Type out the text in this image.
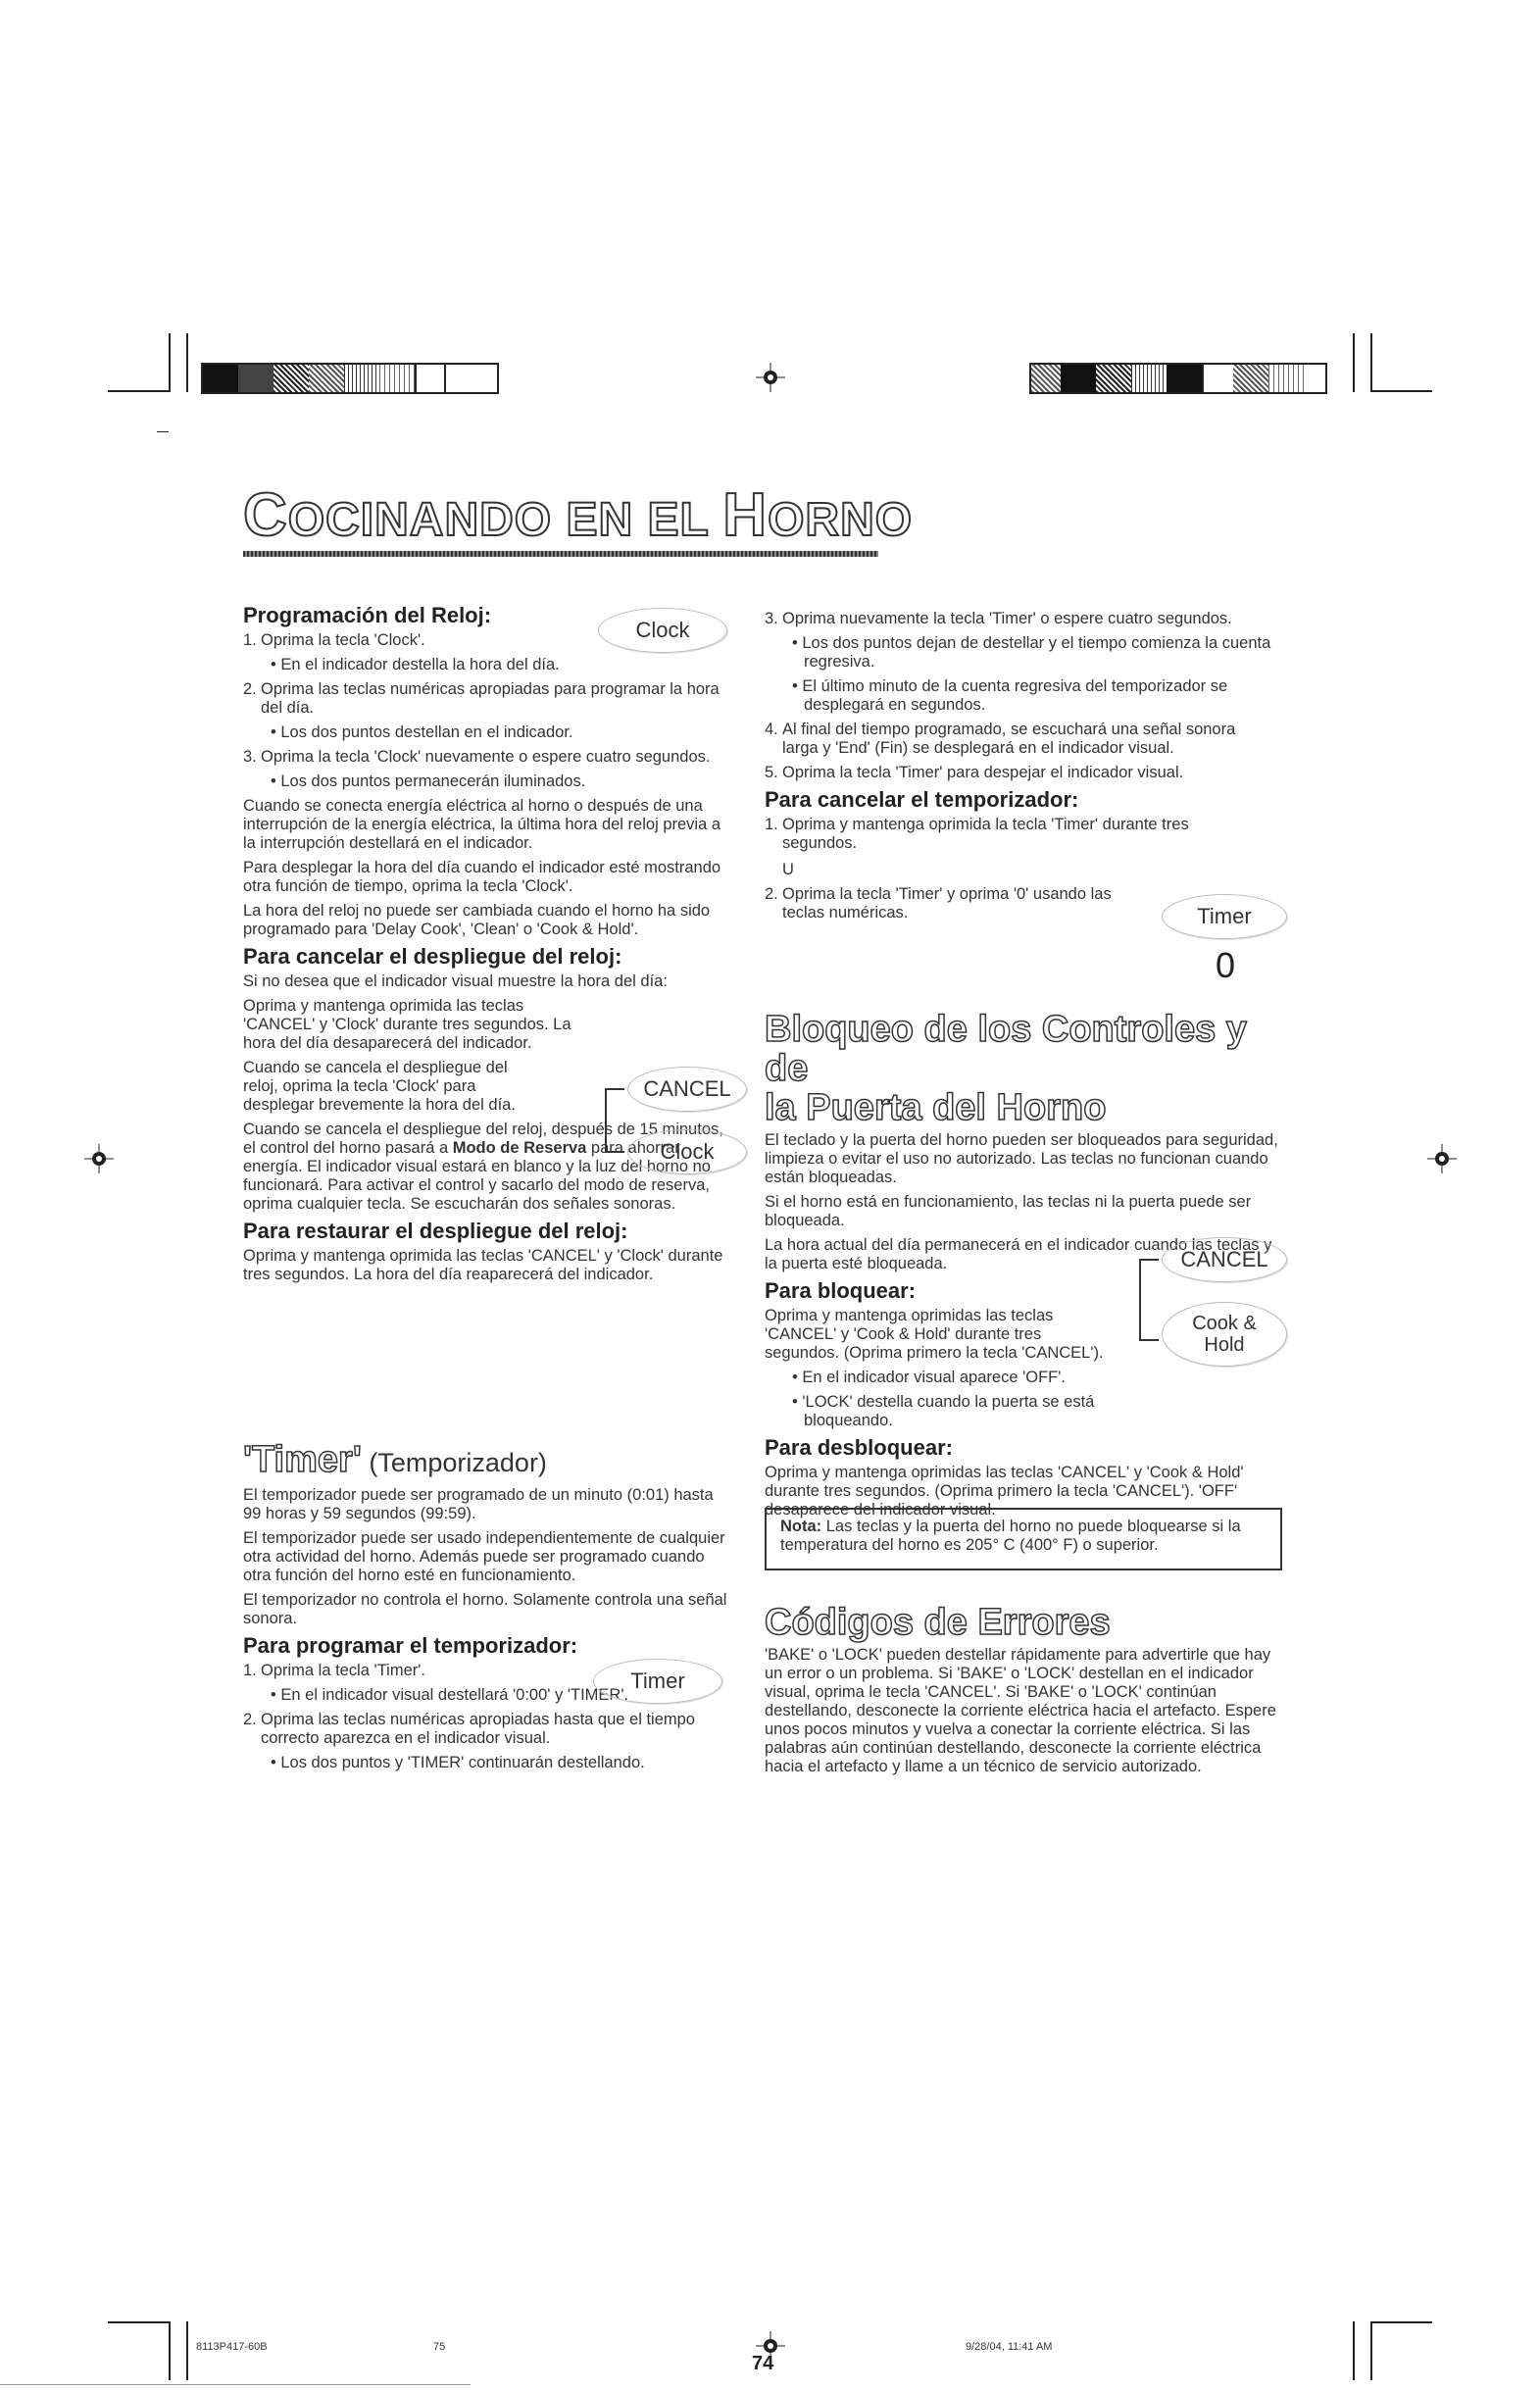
COCINANDO EN EL HORNO
Programación del Reloj:

1. Oprima la tecla 'Clock'.

• En el indicador destella la hora del día.

2. Oprima las teclas numéricas apropiadas para programar la hora del día.

• Los dos puntos destellan en el indicador.

3. Oprima la tecla 'Clock' nuevamente o espere cuatro segundos.

• Los dos puntos permanecerán iluminados.

Cuando se conecta energía eléctrica al horno o después de una interrupción de la energía eléctrica, la última hora del reloj previa a la interrupción destellará en el indicador.

Para desplegar la hora del día cuando el indicador esté mostrando otra función de tiempo, oprima la tecla 'Clock'.

La hora del reloj no puede ser cambiada cuando el horno ha sido programado para 'Delay Cook', 'Clean' o 'Cook & Hold'.

Para cancelar el despliegue del reloj:

Si no desea que el indicador visual muestre la hora del día:

Oprima y mantenga oprimida las teclas 'CANCEL' y 'Clock' durante tres segundos. La hora del día desaparecerá del indicador.

Cuando se cancela el despliegue del reloj, oprima la tecla 'Clock' para desplegar brevemente la hora del día.

Cuando se cancela el despliegue del reloj, después de 15 minutos, el control del horno pasará a Modo de Reserva para ahorrar energía. El indicador visual estará en blanco y la luz del horno no funcionará. Para activar el control y sacarlo del modo de reserva, oprima cualquier tecla. Se escucharán dos señales sonoras.

Para restaurar el despliegue del reloj:

Oprima y mantenga oprimida las teclas 'CANCEL' y 'Clock' durante tres segundos. La hora del día reaparecerá del indicador.

'Timer' (Temporizador)

El temporizador puede ser programado de un minuto (0:01) hasta 99 horas y 59 segundos (99:59).

El temporizador puede ser usado independientemente de cualquier otra actividad del horno. Además puede ser programado cuando otra función del horno esté en funcionamiento.

El temporizador no controla el horno. Solamente controla una señal sonora.

Para programar el temporizador:

1. Oprima la tecla 'Timer'.

• En el indicador visual destellará '0:00' y 'TIMER'.

2. Oprima las teclas numéricas apropiadas hasta que el tiempo correcto aparezca en el indicador visual.

• Los dos puntos y 'TIMER' continuarán destellando.

Clock
CANCEL
Clock
Timer

3. Oprima nuevamente la tecla 'Timer' o espere cuatro segundos.

• Los dos puntos dejan de destellar y el tiempo comienza la cuenta regresiva.

• El último minuto de la cuenta regresiva del temporizador se desplegará en segundos.

4. Al final del tiempo programado, se escuchará una señal sonora larga y 'End' (Fin) se desplegará en el indicador visual.

5. Oprima la tecla 'Timer' para despejar el indicador visual.

Para cancelar el temporizador:

1. Oprima y mantenga oprimida la tecla 'Timer' durante tres segundos.

U

2. Oprima la tecla 'Timer' y oprima '0' usando las teclas numéricas.	Timer
0
Bloqueo de los Controles y de
la Puerta del Horno

El teclado y la puerta del horno pueden ser bloqueados para seguridad, limpieza o evitar el uso no autorizado. Las teclas no funcionan cuando están bloqueadas.

Si el horno está en funcionamiento, las teclas ni la puerta puede ser bloqueada.

La hora actual del día permanecerá en el indicador cuando las teclas y la puerta esté bloqueada.

Para bloquear:

Oprima y mantenga oprimidas las teclas 'CANCEL' y 'Cook & Hold' durante tres segundos. (Oprima primero la tecla 'CANCEL').

• En el indicador visual aparece 'OFF'.

• 'LOCK' destella cuando la puerta se está bloqueando.

Para desbloquear:

Oprima y mantenga oprimidas las teclas 'CANCEL' y 'Cook & Hold' durante tres segundos. (Oprima primero la tecla 'CANCEL'). 'OFF' desaparece del indicador visual.

CANCEL
Cook &
Hold
Nota: Las teclas y la puerta del horno no puede bloquearse si la temperatura del horno es 205° C (400° F) o superior.
Códigos de Errores

'BAKE' o 'LOCK' pueden destellar rápidamente para advertirle que hay un error o un problema. Si 'BAKE' o 'LOCK' destellan en el indicador visual, oprima le tecla 'CANCEL'. Si 'BAKE' o 'LOCK' continúan destellando, desconecte la corriente eléctrica hacia el artefacto. Espere unos pocos minutos y vuelva a conectar la corriente eléctrica. Si las palabras aún continúan destellando, desconecte la corriente eléctrica hacia el artefacto y llame a un técnico de servicio autorizado.

74
8113P417-60B	75	9/28/04, 11:41 AM
